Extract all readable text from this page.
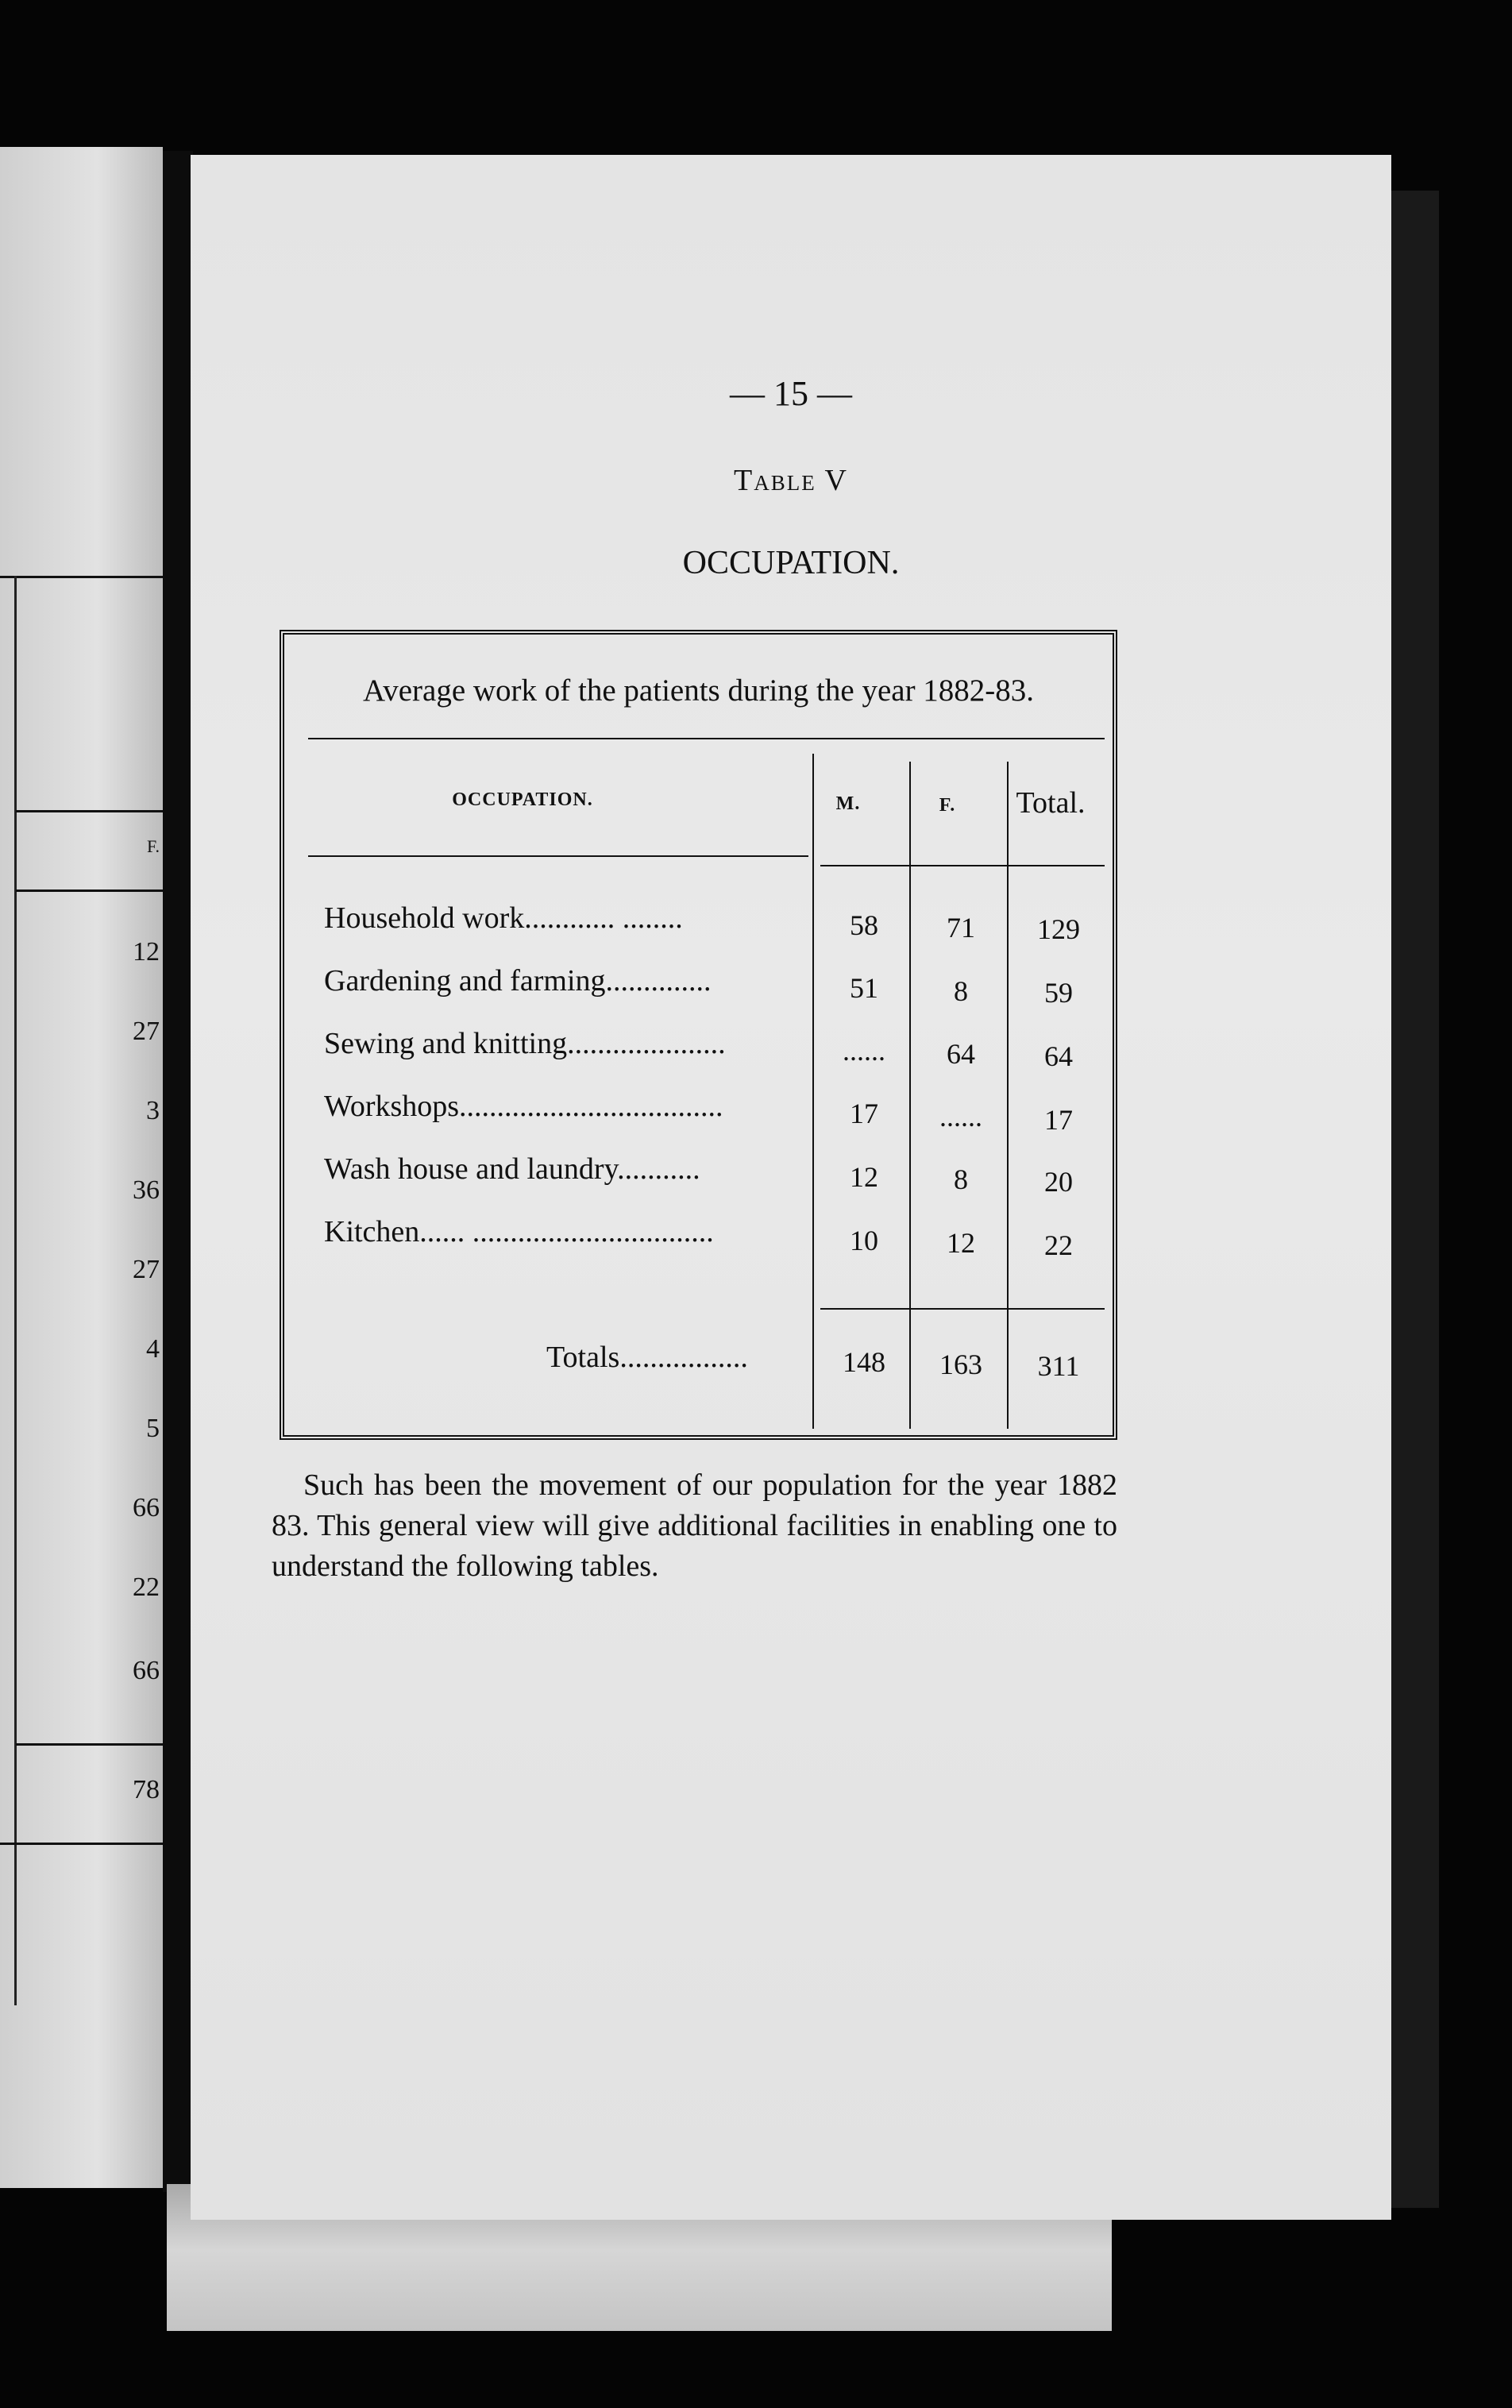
F.
12
27
3
36
27
4
5
66
22
66
78
— 15 —
Table V
OCCUPATION.
Average work of the patients during the year 1882-83.
OCCUPATION.	M.	F.	Total.
Household work............ ........	58	71	129
Gardening and farming..............	51	8	59
Sewing and knitting.....................	......	64	64
Workshops...................................	17	......	17
Wash house and laundry...........	12	8	20
Kitchen...... ................................	10	12	22
Totals.................	148	163	311
Such has been the movement of our population for the year 1882 83. This general view will give additional facilities in enabling one to understand the following tables.
